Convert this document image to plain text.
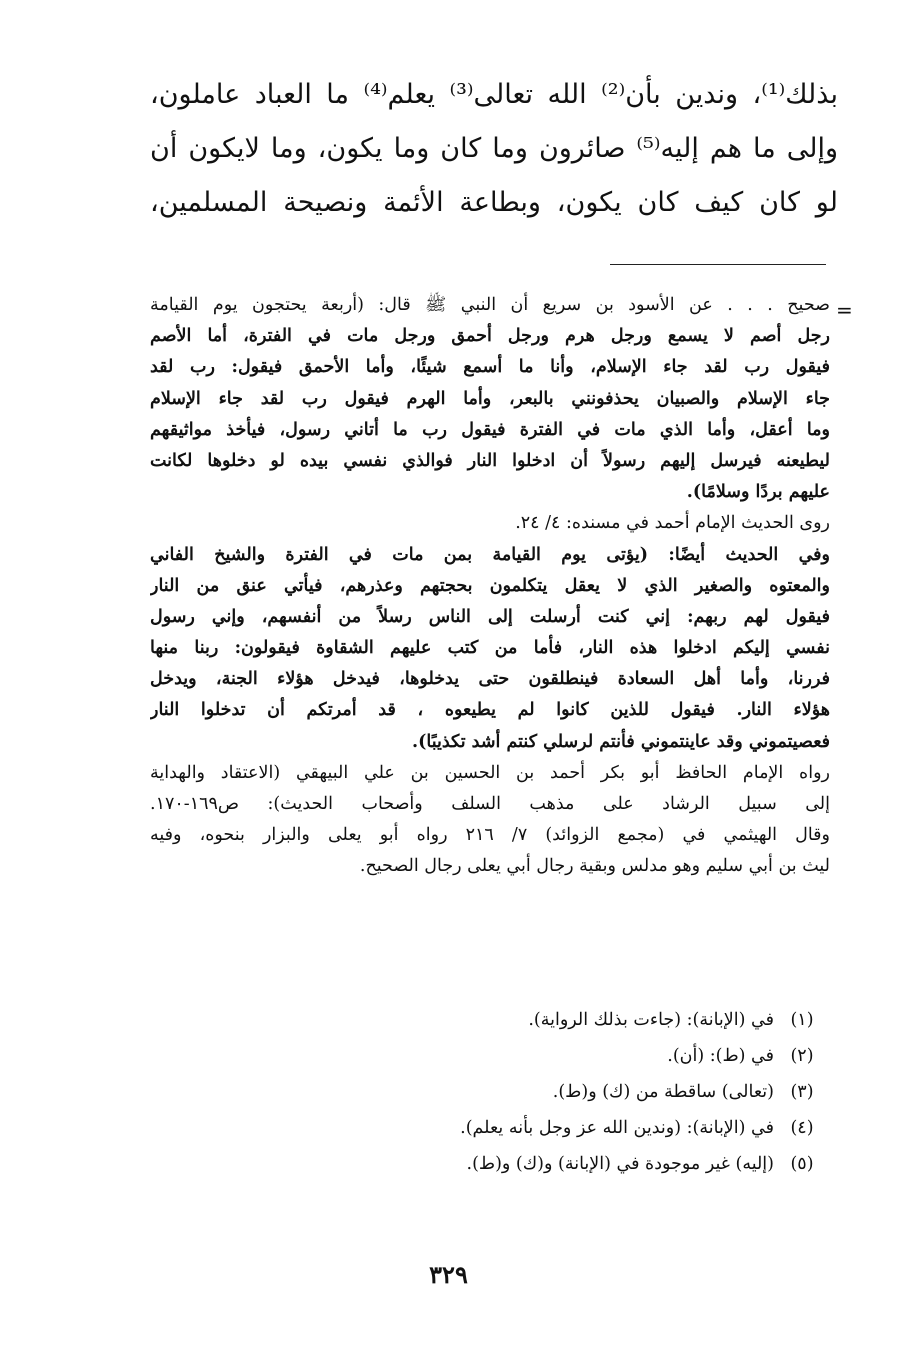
بذلك⁽¹⁾، وندين بأن⁽²⁾ الله تعالى⁽³⁾ يعلم⁽⁴⁾ ما العباد عاملون،
وإلى ما هم إليه⁽⁵⁾ صائرون وما كان وما يكون، وما لايكون أن
لو كان كيف كان يكون، وبطاعة الأئمة ونصيحة المسلمين،
=
صحيح . . . عن الأسود بن سريع أن النبي ﷺ قال: (أربعة يحتجون يوم القيامة
رجل أصم لا يسمع ورجل هرم ورجل أحمق ورجل مات في الفترة، أما الأصم
فيقول رب لقد جاء الإسلام، وأنا ما أسمع شيئًا، وأما الأحمق فيقول: رب لقد
جاء الإسلام والصبيان يحذفونني بالبعر، وأما الهرم فيقول رب لقد جاء الإسلام
وما أعقل، وأما الذي مات في الفترة فيقول رب ما أتاني رسول، فيأخذ مواثيقهم
ليطيعنه فيرسل إليهم رسولاً أن ادخلوا النار فوالذي نفسي بيده لو دخلوها لكانت
عليهم بردًا وسلامًا).
روى الحديث الإمام أحمد في مسنده: ٤/ ٢٤.
وفي الحديث أيضًا: (يؤتى يوم القيامة بمن مات في الفترة والشيخ الفاني
والمعتوه والصغير الذي لا يعقل يتكلمون بحجتهم وعذرهم، فيأتي عنق من النار
فيقول لهم ربهم: إني كنت أرسلت إلى الناس رسلاً من أنفسهم، وإني رسول
نفسي إليكم ادخلوا هذه النار، فأما من كتب عليهم الشقاوة فيقولون: ربنا منها
فررنا، وأما أهل السعادة فينطلقون حتى يدخلوها، فيدخل هؤلاء الجنة، ويدخل
هؤلاء النار. فيقول للذين كانوا لم يطيعوه ، قد أمرتكم أن تدخلوا النار
فعصيتموني وقد عاينتموني فأنتم لرسلي كنتم أشد تكذيبًا).
رواه الإمام الحافظ أبو بكر أحمد بن الحسين بن علي البيهقي (الاعتقاد والهداية
إلى سبيل الرشاد على مذهب السلف وأصحاب الحديث): ص١٦٩-١٧٠.
وقال الهيثمي في (مجمع الزوائد) ٧/ ٢١٦ رواه أبو يعلى والبزار بنحوه، وفيه
ليث بن أبي سليم وهو مدلس وبقية رجال أبي يعلى رجال الصحيح.
(١)
في (الإبانة): (جاءت بذلك الرواية).
(٢)
في (ط): (أن).
(٣)
(تعالى) ساقطة من (ك) و(ط).
(٤)
في (الإبانة): (وندين الله عز وجل بأنه يعلم).
(٥)
(إليه) غير موجودة في (الإبانة) و(ك) و(ط).
٣٢٩
